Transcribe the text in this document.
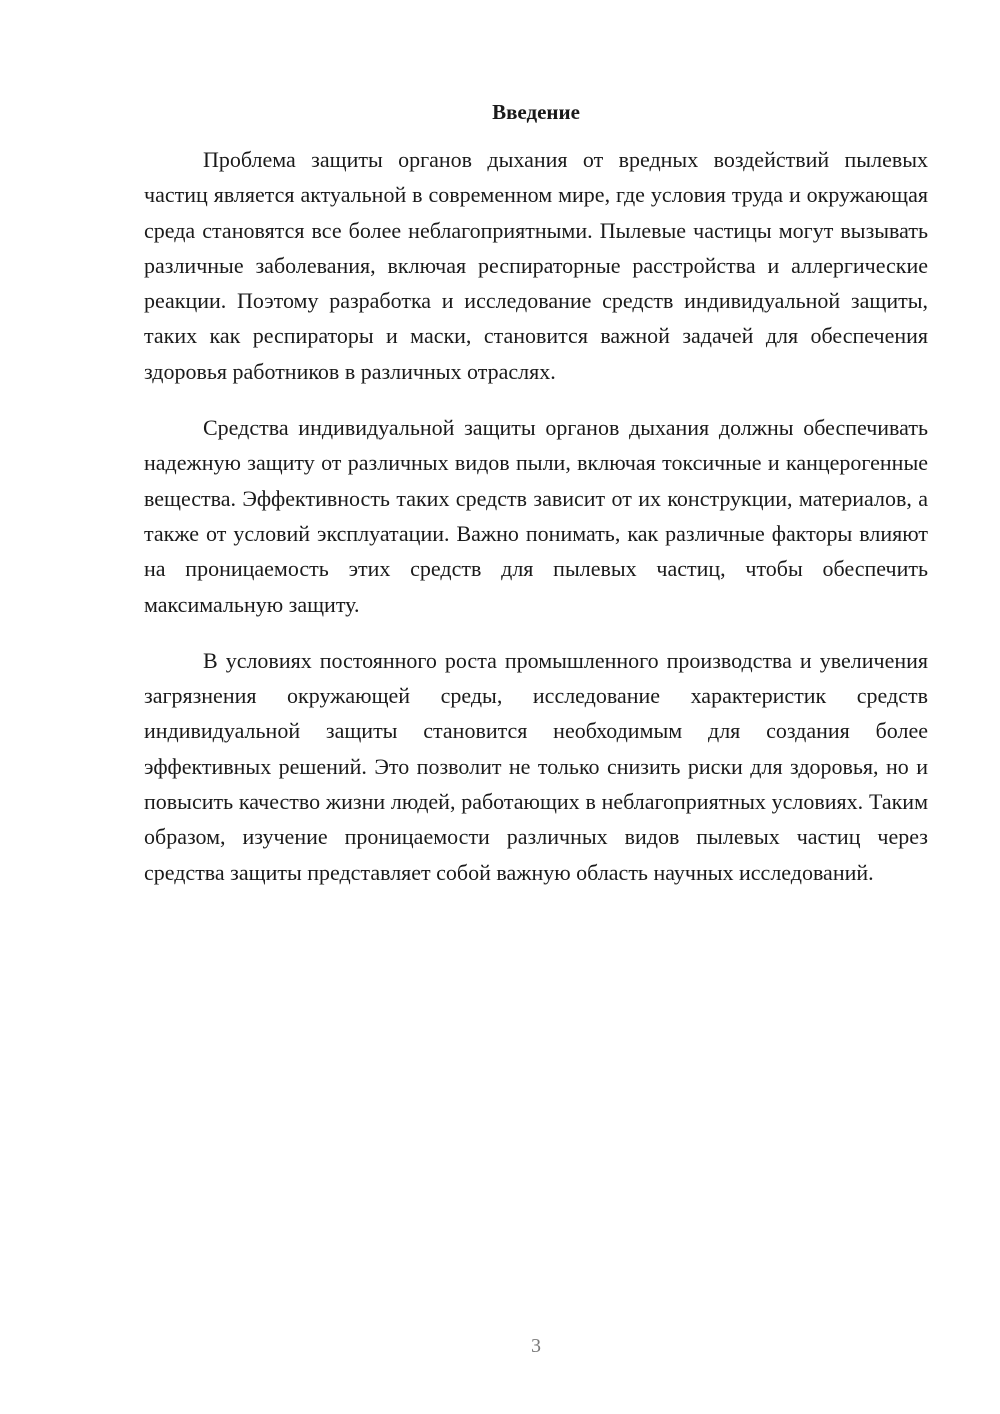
Введение

Проблема защиты органов дыхания от вредных воздействий пылевых частиц является актуальной в современном мире, где условия труда и окружающая среда становятся все более неблагоприятными. Пылевые частицы могут вызывать различные заболевания, включая респираторные расстройства и аллергические реакции. Поэтому разработка и исследование средств индивидуальной защиты, таких как респираторы и маски, становится важной задачей для обеспечения здоровья работников в различных отраслях.

Средства индивидуальной защиты органов дыхания должны обеспечивать надежную защиту от различных видов пыли, включая токсичные и канцерогенные вещества. Эффективность таких средств зависит от их конструкции, материалов, а также от условий эксплуатации. Важно понимать, как различные факторы влияют на проницаемость этих средств для пылевых частиц, чтобы обеспечить максимальную защиту.

В условиях постоянного роста промышленного производства и увеличения загрязнения окружающей среды, исследование характеристик средств индивидуальной защиты становится необходимым для создания более эффективных решений. Это позволит не только снизить риски для здоровья, но и повысить качество жизни людей, работающих в неблагоприятных условиях. Таким образом, изучение проницаемости различных видов пылевых частиц через средства защиты представляет собой важную область научных исследований.

3
